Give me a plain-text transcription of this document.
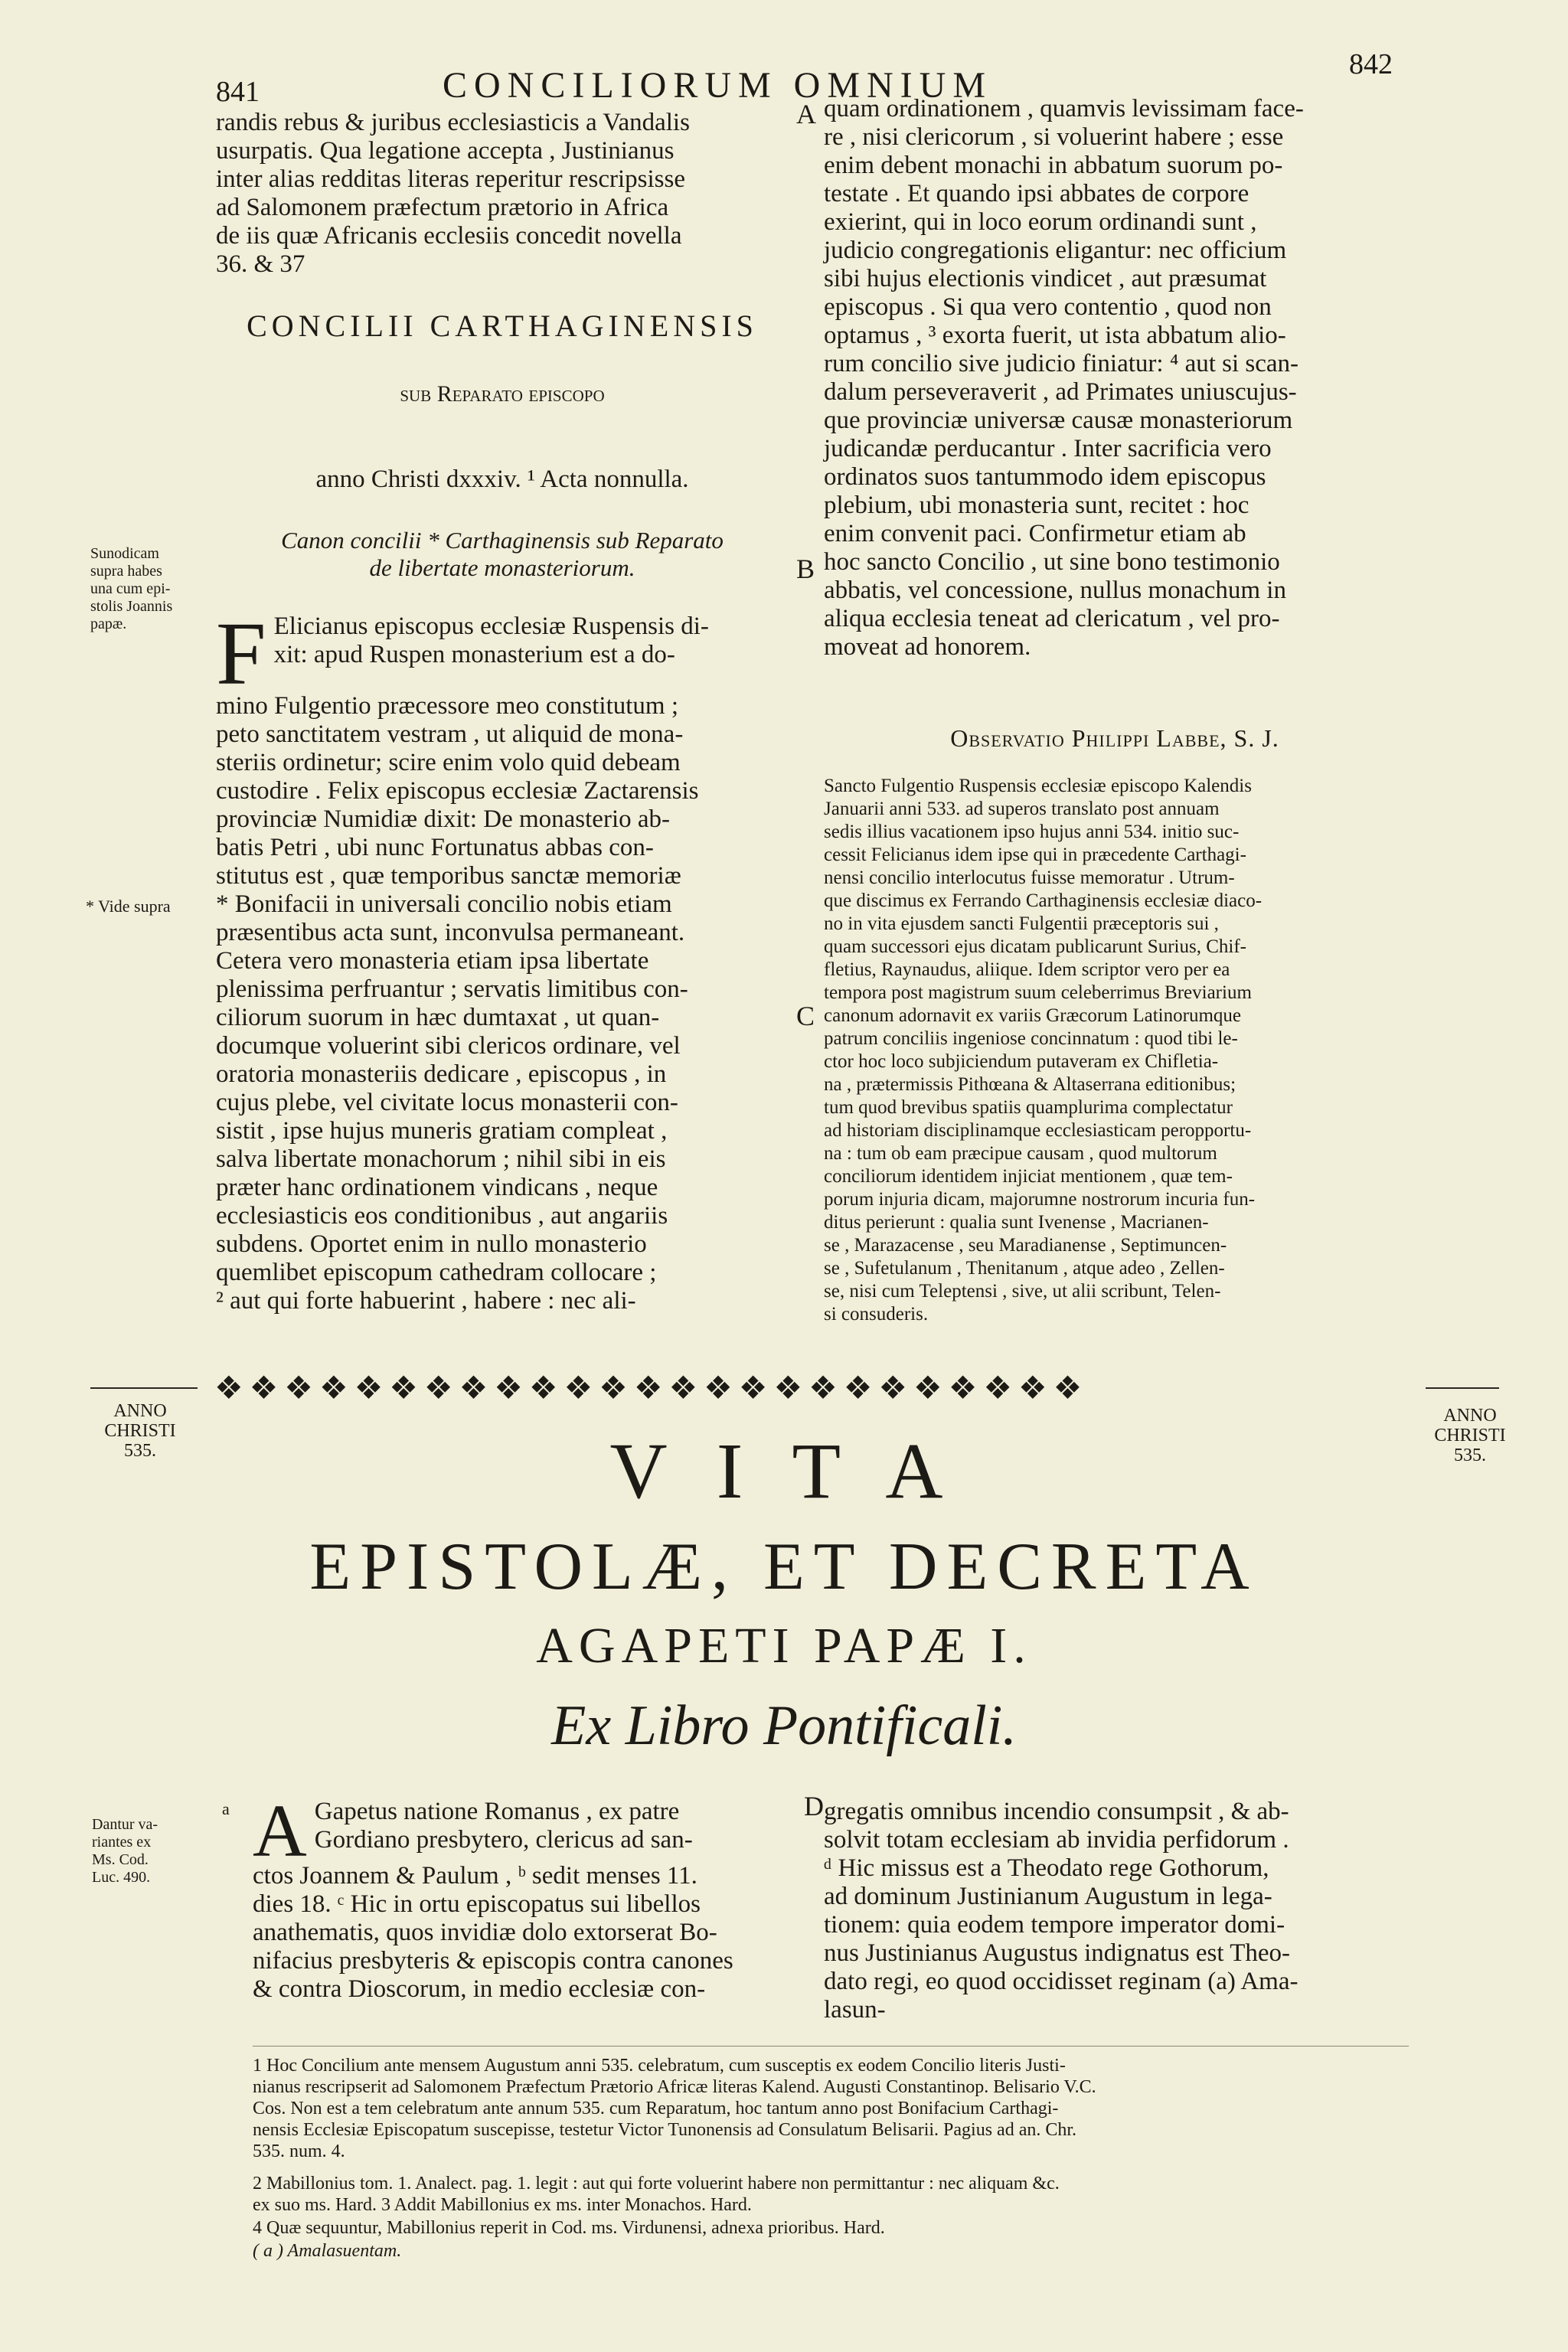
841	CONCILIORUM OMNIUM
842
randis rebus & juribus ecclesiasticis a Vandalis
usurpatis. Qua legatione accepta , Justinianus
inter alias redditas literas reperitur rescripsisse
ad Salomonem præfectum prætorio in Africa
de iis quæ Africanis ecclesiis concedit novella
36. & 37
CONCILII CARTHAGINENSIS
sub Reparato episcopo
anno Christi dxxxiv. ¹ Acta nonnulla.
Canon concilii * Carthaginensis sub Reparato
de libertate monasteriorum.
F Elicianus episcopus ecclesiæ Ruspensis di-
xit: apud Ruspen monasterium est a do-
mino Fulgentio præcessore meo constitutum ;
peto sanctitatem vestram , ut aliquid de mona-
steriis ordinetur; scire enim volo quid debeam
custodire . Felix episcopus ecclesiæ Zactarensis
provinciæ Numidiæ dixit: De monasterio ab-
batis Petri , ubi nunc Fortunatus abbas con-
stitutus est , quæ temporibus sanctæ memoriæ
* Bonifacii in universali concilio nobis etiam
præsentibus acta sunt, inconvulsa permaneant.
Cetera vero monasteria etiam ipsa libertate
plenissima perfruantur ; servatis limitibus con-
ciliorum suorum in hæc dumtaxat , ut quan-
documque voluerint sibi clericos ordinare, vel
oratoria monasteriis dedicare , episcopus , in
cujus plebe, vel civitate locus monasterii con-
sistit , ipse hujus muneris gratiam compleat ,
salva libertate monachorum ; nihil sibi in eis
præter hanc ordinationem vindicans , neque
ecclesiasticis eos conditionibus , aut angariis
subdens. Oportet enim in nullo monasterio
quemlibet episcopum cathedram collocare ;
² aut qui forte habuerint , habere : nec ali-
Sunodicam
supra habes
una cum epi-
stolis Joannis
papæ.
* Vide supra
A
B
C
quam ordinationem , quamvis levissimam face-
re , nisi clericorum , si voluerint habere ; esse
enim debent monachi in abbatum suorum po-
testate . Et quando ipsi abbates de corpore
exierint, qui in loco eorum ordinandi sunt ,
judicio congregationis eligantur: nec officium
sibi hujus electionis vindicet , aut præsumat
episcopus . Si qua vero contentio , quod non
optamus , ³ exorta fuerit, ut ista abbatum alio-
rum concilio sive judicio finiatur: ⁴ aut si scan-
dalum perseveraverit , ad Primates uniuscujus-
que provinciæ universæ causæ monasteriorum
judicandæ perducantur . Inter sacrificia vero
ordinatos suos tantummodo idem episcopus
plebium, ubi monasteria sunt, recitet : hoc
enim convenit paci. Confirmetur etiam ab
hoc sancto Concilio , ut sine bono testimonio
abbatis, vel concessione, nullus monachum in
aliqua ecclesia teneat ad clericatum , vel pro-
moveat ad honorem.
Observatio Philippi Labbe, S. J.
Sancto Fulgentio Ruspensis ecclesiæ episcopo Kalendis
Januarii anni 533. ad superos translato post annuam
sedis illius vacationem ipso hujus anni 534. initio suc-
cessit Felicianus idem ipse qui in præcedente Carthagi-
nensi concilio interlocutus fuisse memoratur . Utrum-
que discimus ex Ferrando Carthaginensis ecclesiæ diaco-
no in vita ejusdem sancti Fulgentii præceptoris sui ,
quam successori ejus dicatam publicarunt Surius, Chif-
fletius, Raynaudus, aliique. Idem scriptor vero per ea
tempora post magistrum suum celeberrimus Breviarium
canonum adornavit ex variis Græcorum Latinorumque
patrum conciliis ingeniose concinnatum : quod tibi le-
ctor hoc loco subjiciendum putaveram ex Chifletia-
na , prætermissis Pithœana & Altaserrana editionibus;
tum quod brevibus spatiis quamplurima complectatur
ad historiam disciplinamque ecclesiasticam peropportu-
na : tum ob eam præcipue causam , quod multorum
conciliorum identidem injiciat mentionem , quæ tem-
porum injuria dicam, majorumne nostrorum incuria fun-
ditus perierunt : qualia sunt Ivenense , Macrianen-
se , Marazacense , seu Maradianense , Septimuncen-
se , Sufetulanum , Thenitanum , atque adeo , Zellen-
se, nisi cum Teleptensi , sive, ut alii scribunt, Telen-
si consuderis.
❖❖❖❖❖❖❖❖❖❖❖❖❖❖❖❖❖❖❖❖❖❖❖❖❖
ANNO
CHRISTI
535.
ANNO
CHRISTI
535.
V I T A
EPISTOLÆ, ET DECRETA
AGAPETI PAPÆ I.
Ex Libro Pontificali.
Dantur va-
riantes ex
Ms. Cod.
Luc. 490.
a A Gapetus natione Romanus , ex patre
Gordiano presbytero, clericus ad san-
ctos Joannem & Paulum , ᵇ sedit menses 11.
dies 18. ᶜ Hic in ortu episcopatus sui libellos
anathematis, quos invidiæ dolo extorserat Bo-
nifacius presbyteris & episcopis contra canones
& contra Dioscorum, in medio ecclesiæ con-
D gregatis omnibus incendio consumpsit , & ab-
solvit totam ecclesiam ab invidia perfidorum .
ᵈ Hic missus est a Theodato rege Gothorum,
ad dominum Justinianum Augustum in lega-
tionem: quia eodem tempore imperator domi-
nus Justinianus Augustus indignatus est Theo-
dato regi, eo quod occidisset reginam (a) Ama-
lasun-
1 Hoc Concilium ante mensem Augustum anni 535. celebratum, cum susceptis ex eodem Concilio literis Justi-
nianus rescripserit ad Salomonem Præfectum Prætorio Africæ literas Kalend. Augusti Constantinop. Belisario V.C.
Cos. Non est a tem celebratum ante annum 535. cum Reparatum, hoc tantum anno post Bonifacium Carthagi-
nensis Ecclesiæ Episcopatum suscepisse, testetur Victor Tunonensis ad Consulatum Belisarii. Pagius ad an. Chr.
535. num. 4.
2 Mabillonius tom. 1. Analect. pag. 1. legit : aut qui forte voluerint habere non permittantur : nec aliquam &c.
ex suo ms. Hard. 3 Addit Mabillonius ex ms. inter Monachos. Hard.
4 Quæ sequuntur, Mabillonius reperit in Cod. ms. Virdunensi, adnexa prioribus. Hard.
( a ) Amalasuentam.
